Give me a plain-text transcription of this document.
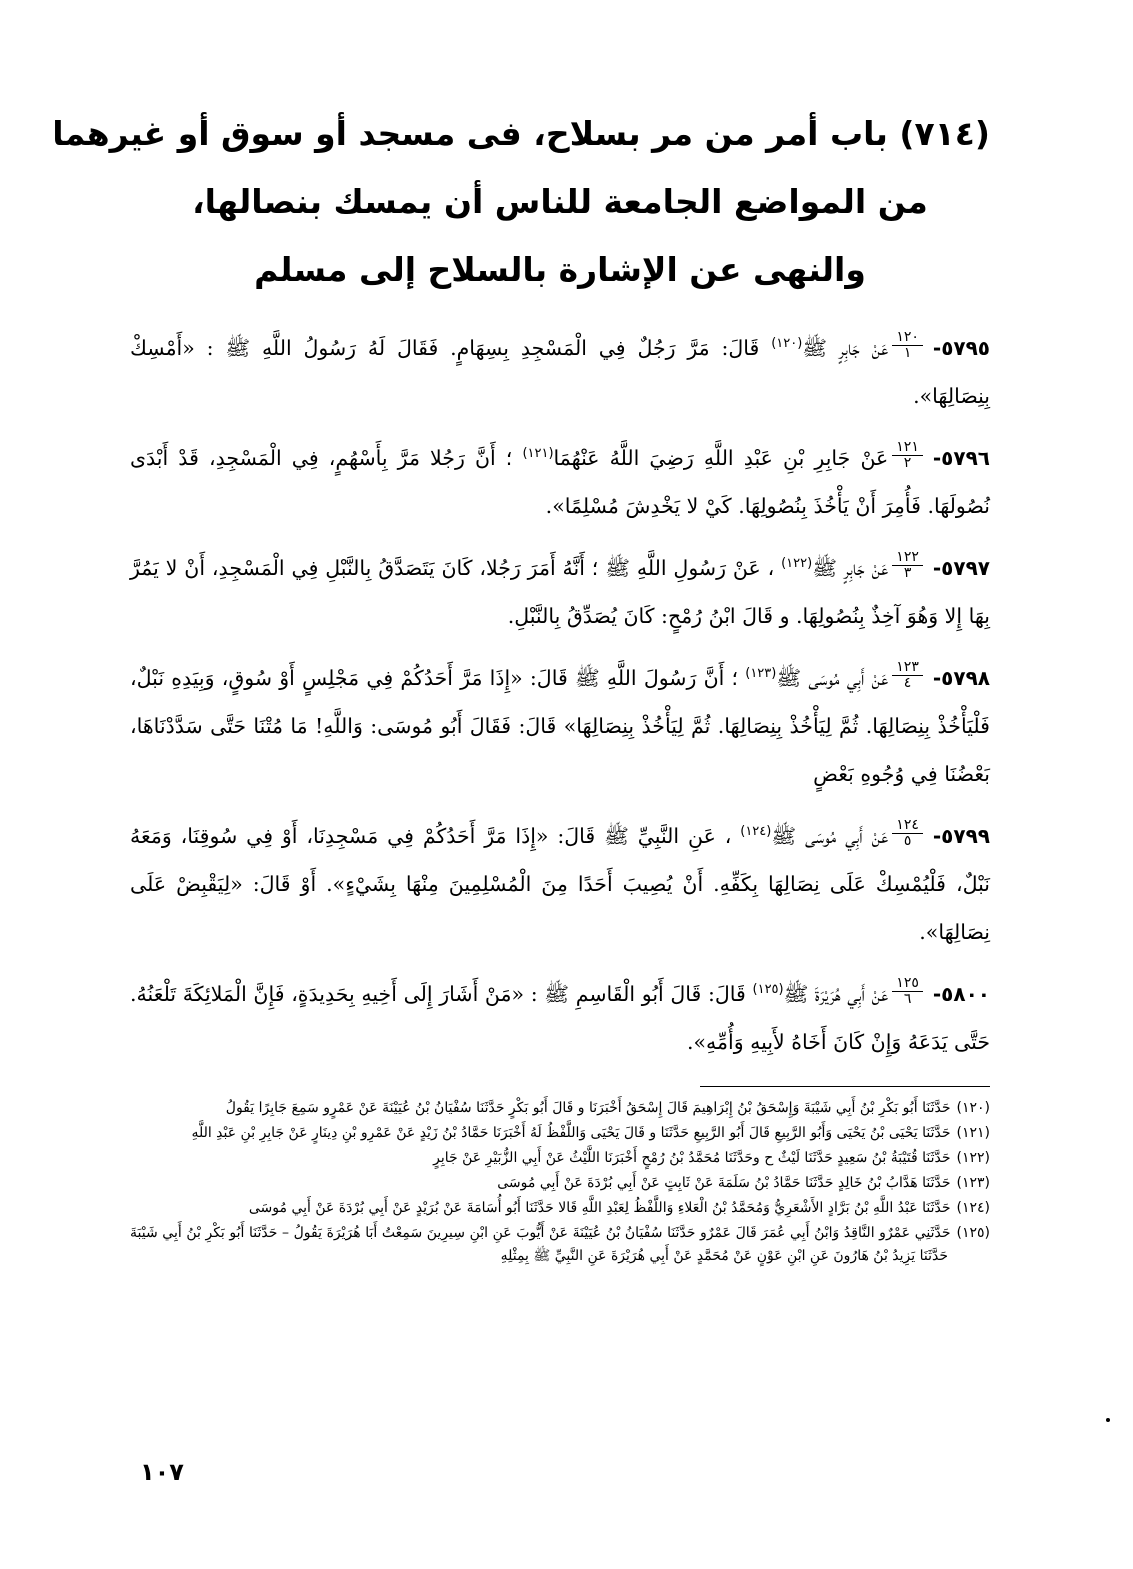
(٧١٤) باب أمر من مر بسلاح، فى مسجد أو سوق أو غيرهما
من المواضع الجامعة للناس أن يمسك بنصالها،
والنهى عن الإشارة بالسلاح إلى مسلم

٥٧٩٥-
$\frac{١٢٠}{١}$
عَنْ جَابِرٍ ﷺ$^{(١٢٠)}$ قَالَ: مَرَّ رَجُلٌ فِي الْمَسْجِدِ بِسِهَامٍ. فَقَالَ لَهُ رَسُولُ اللَّهِ ﷺ : «أَمْسِكْ بِنِصَالِهَا».

٥٧٩٦-
$\frac{١٢١}{٢}$
عَنْ جَابِرِ بْنِ عَبْدِ اللَّهِ رَضِيَ اللَّهُ عَنْهُمَا$^{(١٢١)}$ ؛ أَنَّ رَجُلا مَرَّ بِأَسْهُمٍ، فِي الْمَسْجِدِ، قَدْ أَبْدَى نُصُولَهَا. فَأُمِرَ أَنْ يَأْخُذَ بِنُصُولِهَا. كَيْ لا يَخْدِشَ مُسْلِمًا».

٥٧٩٧-
$\frac{١٢٢}{٣}$
عَنْ جَابِرٍ ﷺ$^{(١٢٢)}$ ، عَنْ رَسُولِ اللَّهِ ﷺ ؛ أَنَّهُ أَمَرَ رَجُلا، كَانَ يَتَصَدَّقُ بِالنَّبْلِ فِي الْمَسْجِدِ، أَنْ لا يَمُرَّ بِهَا إِلا وَهُوَ آخِذٌ بِنُصُولِهَا. و قَالَ ابْنُ رُمْحٍ: كَانَ يُصَدِّقُ بِالنَّبْلِ.

٥٧٩٨-
$\frac{١٢٣}{٤}$
عَنْ أَبِي مُوسَى ﷺ$^{(١٢٣)}$ ؛ أَنَّ رَسُولَ اللَّهِ ﷺ قَالَ: «إِذَا مَرَّ أَحَدُكُمْ فِي مَجْلِسٍ أَوْ سُوقٍ، وَبِيَدِهِ نَبْلٌ، فَلْيَأْخُذْ بِنِصَالِهَا. ثُمَّ لِيَأْخُذْ بِنِصَالِهَا. ثُمَّ لِيَأْخُذْ بِنِصَالِهَا» قَالَ: فَقَالَ أَبُو مُوسَى: وَاللَّهِ! مَا مُتْنَا حَتَّى سَدَّدْنَاهَا، بَعْضُنَا فِي وُجُوهِ بَعْضٍ

٥٧٩٩-
$\frac{١٢٤}{٥}$
عَنْ أَبِي مُوسَى ﷺ$^{(١٢٤)}$ ، عَنِ النَّبِيِّ ﷺ قَالَ: «إِذَا مَرَّ أَحَدُكُمْ فِي مَسْجِدِنَا، أَوْ فِي سُوقِنَا، وَمَعَهُ نَبْلٌ، فَلْيُمْسِكْ عَلَى نِصَالِهَا بِكَفِّهِ. أَنْ يُصِيبَ أَحَدًا مِنَ الْمُسْلِمِينَ مِنْهَا بِشَيْءٍ». أَوْ قَالَ: «لِيَقْبِضْ عَلَى نِصَالِهَا».

٥٨٠٠-
$\frac{١٢٥}{٦}$
عَنْ أَبِي هُرَيْرَةَ ﷺ$^{(١٢٥)}$ قَالَ: قَالَ أَبُو الْقَاسِمِ ﷺ : «مَنْ أَشَارَ إِلَى أَخِيهِ بِحَدِيدَةٍ، فَإِنَّ الْمَلائِكَةَ تَلْعَنُهُ. حَتَّى يَدَعَهُ وَإِنْ كَانَ أَخَاهُ لأَبِيهِ وَأُمِّهِ».

(١٢٠)حَدَّثَنَا أَبُو بَكْرِ بْنُ أَبِي شَيْبَةَ وَإِسْحَقُ بْنُ إِبْرَاهِيمَ قَالَ إِسْحَقُ أَخْبَرَنَا و قَالَ أَبُو بَكْرٍ حَدَّثَنَا سُفْيَانُ بْنُ عُيَيْنَةَ عَنْ عَمْرٍو سَمِعَ جَابِرًا يَقُولُ

(١٢١)حَدَّثَنَا يَحْيَى بْنُ يَحْيَى وَأَبُو الرَّبِيعِ قَالَ أَبُو الرَّبِيعِ حَدَّثَنَا و قَالَ يَحْيَى وَاللَّفْظُ لَهُ أَخْبَرَنَا حَمَّادُ بْنُ زَيْدٍ عَنْ عَمْرِو بْنِ دِينَارٍ عَنْ جَابِرِ بْنِ عَبْدِ اللَّهِ

(١٢٢)حَدَّثَنَا قُتَيْبَةُ بْنُ سَعِيدٍ حَدَّثَنَا لَيْثٌ ح وحَدَّثَنَا مُحَمَّدُ بْنُ رُمْحٍ أَخْبَرَنَا اللَّيْثُ عَنْ أَبِي الزُّبَيْرِ عَنْ جَابِرٍ

(١٢٣)حَدَّثَنَا هَدَّابُ بْنُ خَالِدٍ حَدَّثَنَا حَمَّادُ بْنُ سَلَمَةَ عَنْ ثَابِتٍ عَنْ أَبِي بُرْدَةَ عَنْ أَبِي مُوسَى

(١٢٤)حَدَّثَنَا عَبْدُ اللَّهِ بْنُ بَرَّادٍ الأَشْعَرِيُّ وَمُحَمَّدُ بْنُ الْعَلاءِ وَاللَّفْظُ لِعَبْدِ اللَّهِ قَالا حَدَّثَنَا أَبُو أُسَامَةَ عَنْ بُرَيْدٍ عَنْ أَبِي بُرْدَةَ عَنْ أَبِي مُوسَى

(١٢٥)حَدَّثَنِي عَمْرٌو النَّاقِدُ وَابْنُ أَبِي عُمَرَ قَالَ عَمْرٌو حَدَّثَنَا سُفْيَانُ بْنُ عُيَيْنَةَ عَنْ أَيُّوبَ عَنِ ابْنِ سِيرِينَ سَمِعْتُ أَبَا هُرَيْرَةَ يَقُولُ – حَدَّثَنَا أَبُو بَكْرِ بْنُ أَبِي شَيْبَةَ حَدَّثَنَا يَزِيدُ بْنُ هَارُونَ عَنِ ابْنِ عَوْنٍ عَنْ مُحَمَّدٍ عَنْ أَبِي هُرَيْرَةَ عَنِ النَّبِيِّ ﷺ بِمِثْلِهِ

١٠٧
